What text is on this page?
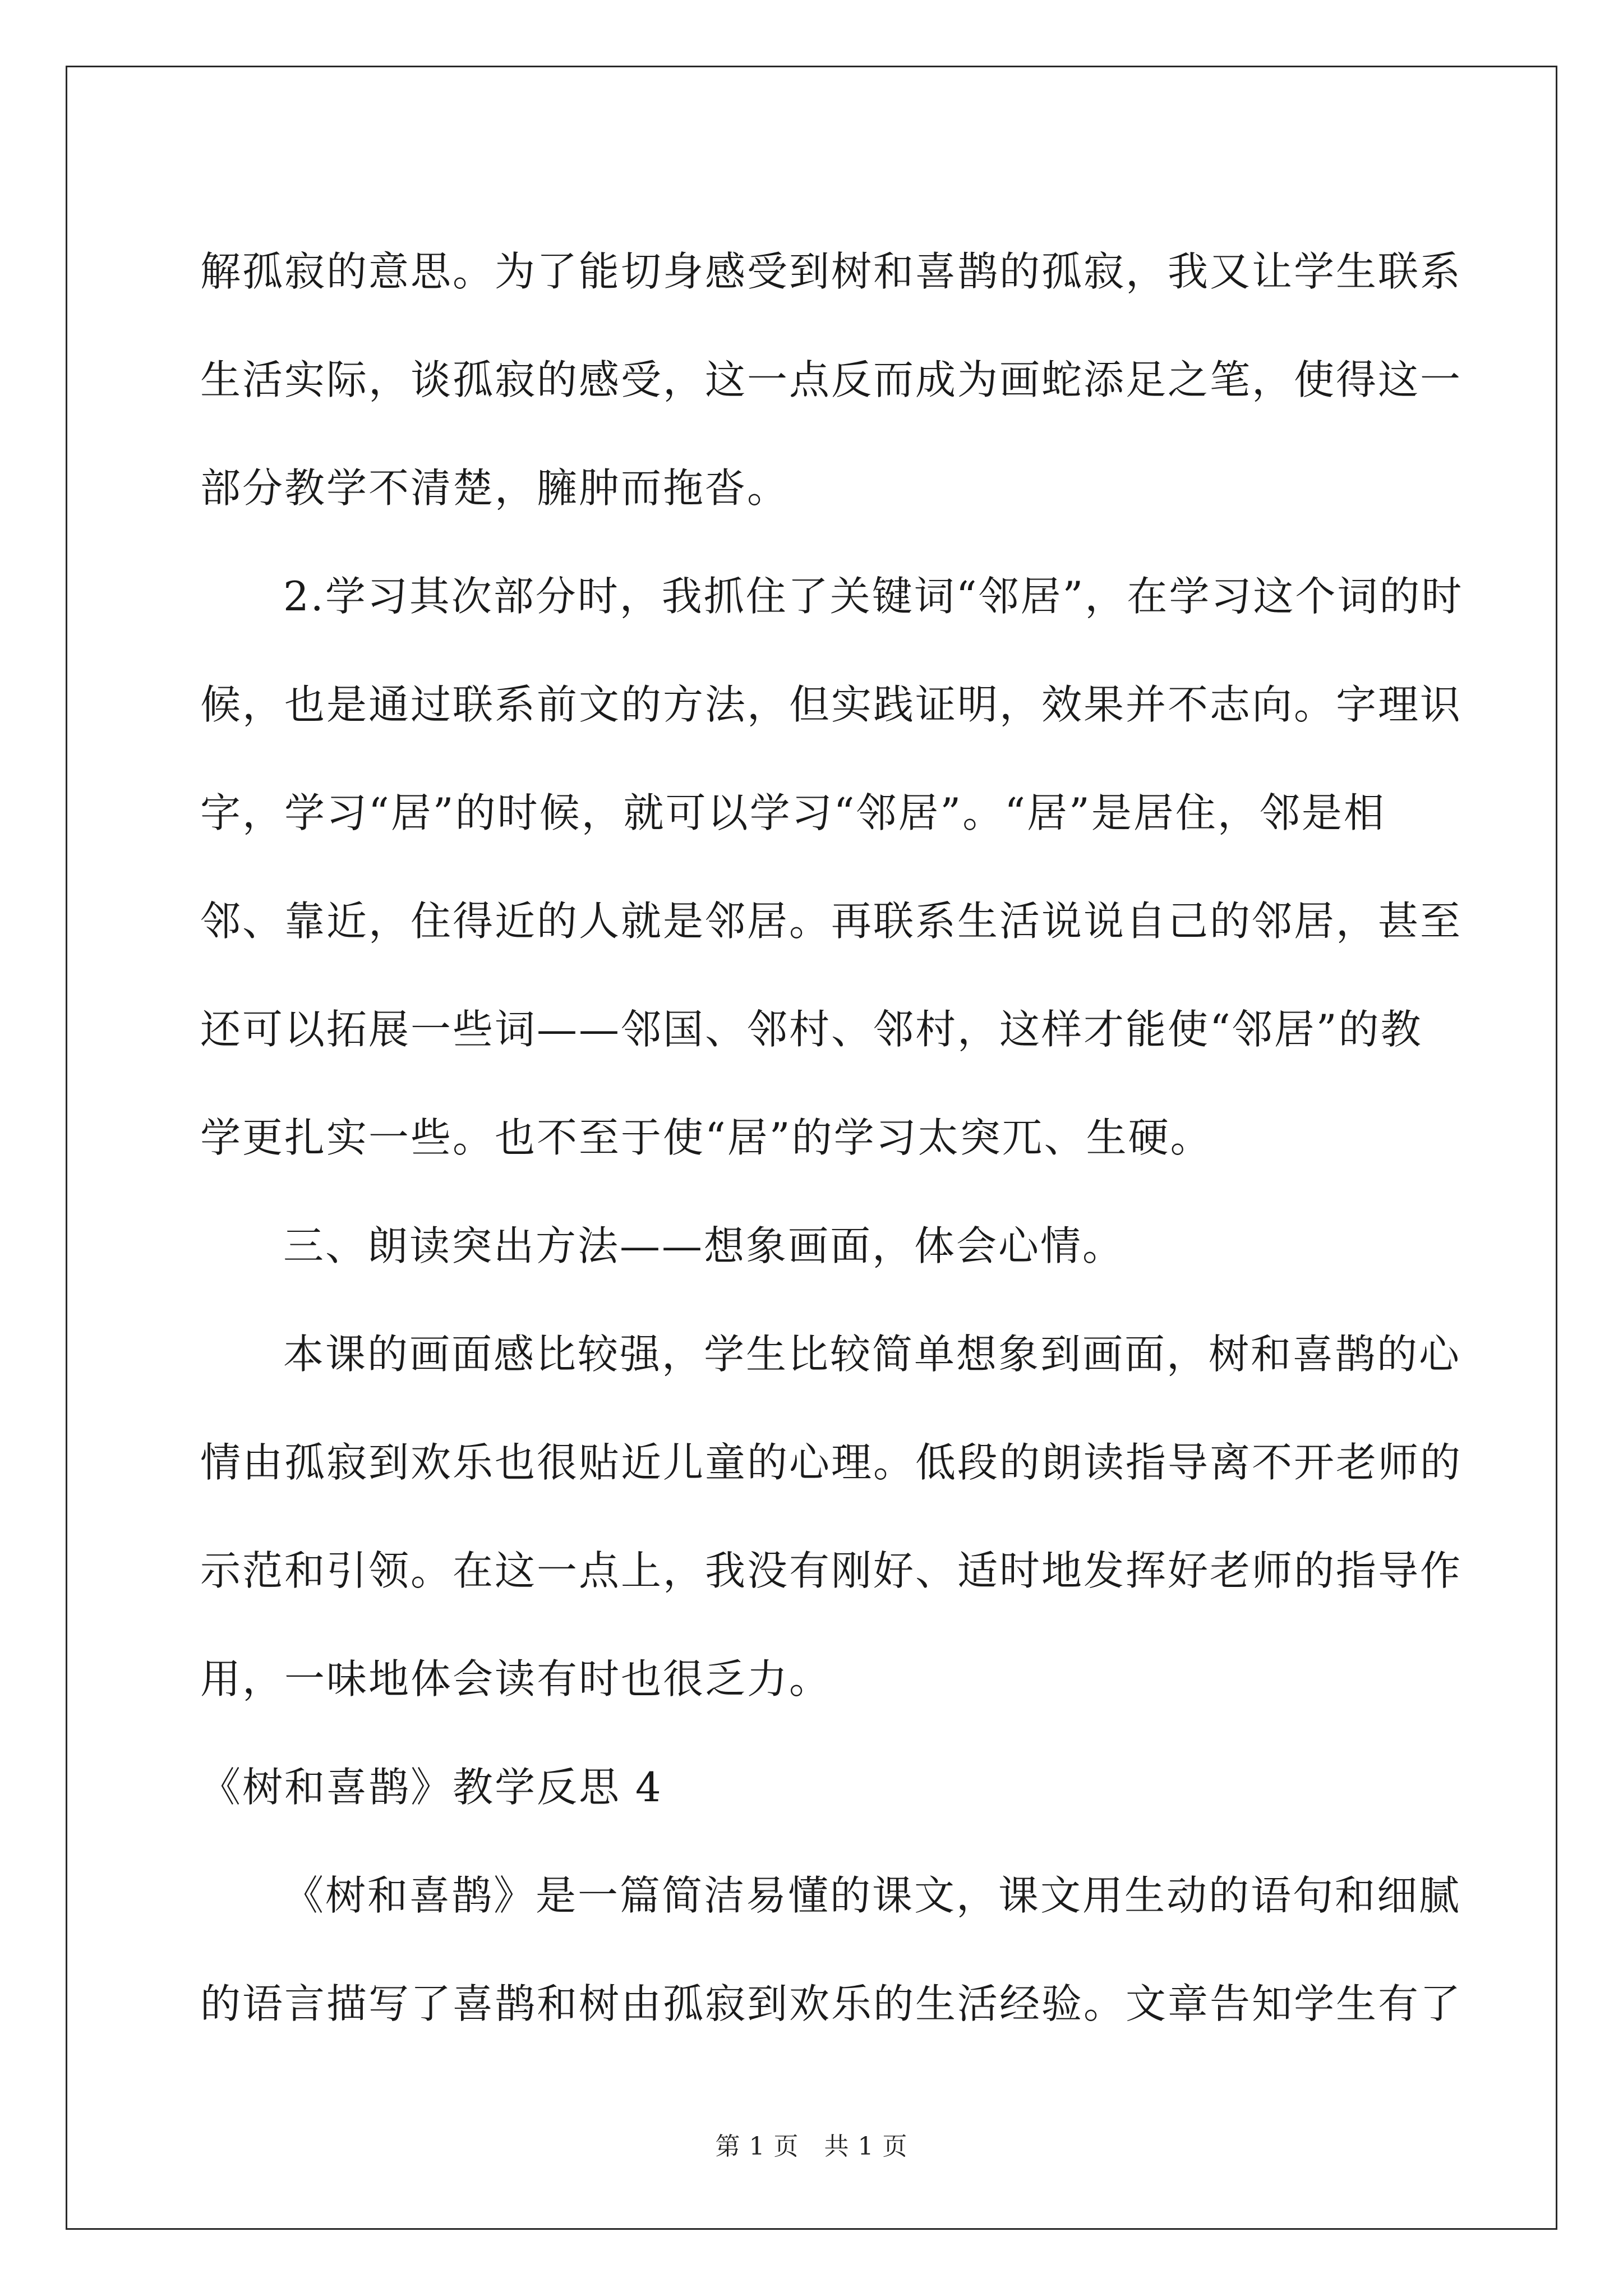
解孤寂的意思。为了能切身感受到树和喜鹊的孤寂，我又让学生联系
生活实际，谈孤寂的感受，这一点反而成为画蛇添足之笔，使得这一
部分教学不清楚，臃肿而拖沓。
2.学习其次部分时，我抓住了关键词“邻居”，在学习这个词的时
候，也是通过联系前文的方法，但实践证明，效果并不志向。字理识
字，学习“居”的时候，就可以学习“邻居”。“居”是居住，邻是相
邻、靠近，住得近的人就是邻居。再联系生活说说自己的邻居，甚至
还可以拓展一些词——邻国、邻村、邻村，这样才能使“邻居”的教
学更扎实一些。也不至于使“居”的学习太突兀、生硬。
三、朗读突出方法——想象画面，体会心情。
本课的画面感比较强，学生比较简单想象到画面，树和喜鹊的心
情由孤寂到欢乐也很贴近儿童的心理。低段的朗读指导离不开老师的
示范和引领。在这一点上，我没有刚好、适时地发挥好老师的指导作
用，一味地体会读有时也很乏力。
《树和喜鹊》教学反思 4
《树和喜鹊》是一篇简洁易懂的课文，课文用生动的语句和细腻
的语言描写了喜鹊和树由孤寂到欢乐的生活经验。文章告知学生有了
第 1 页　共 1 页
